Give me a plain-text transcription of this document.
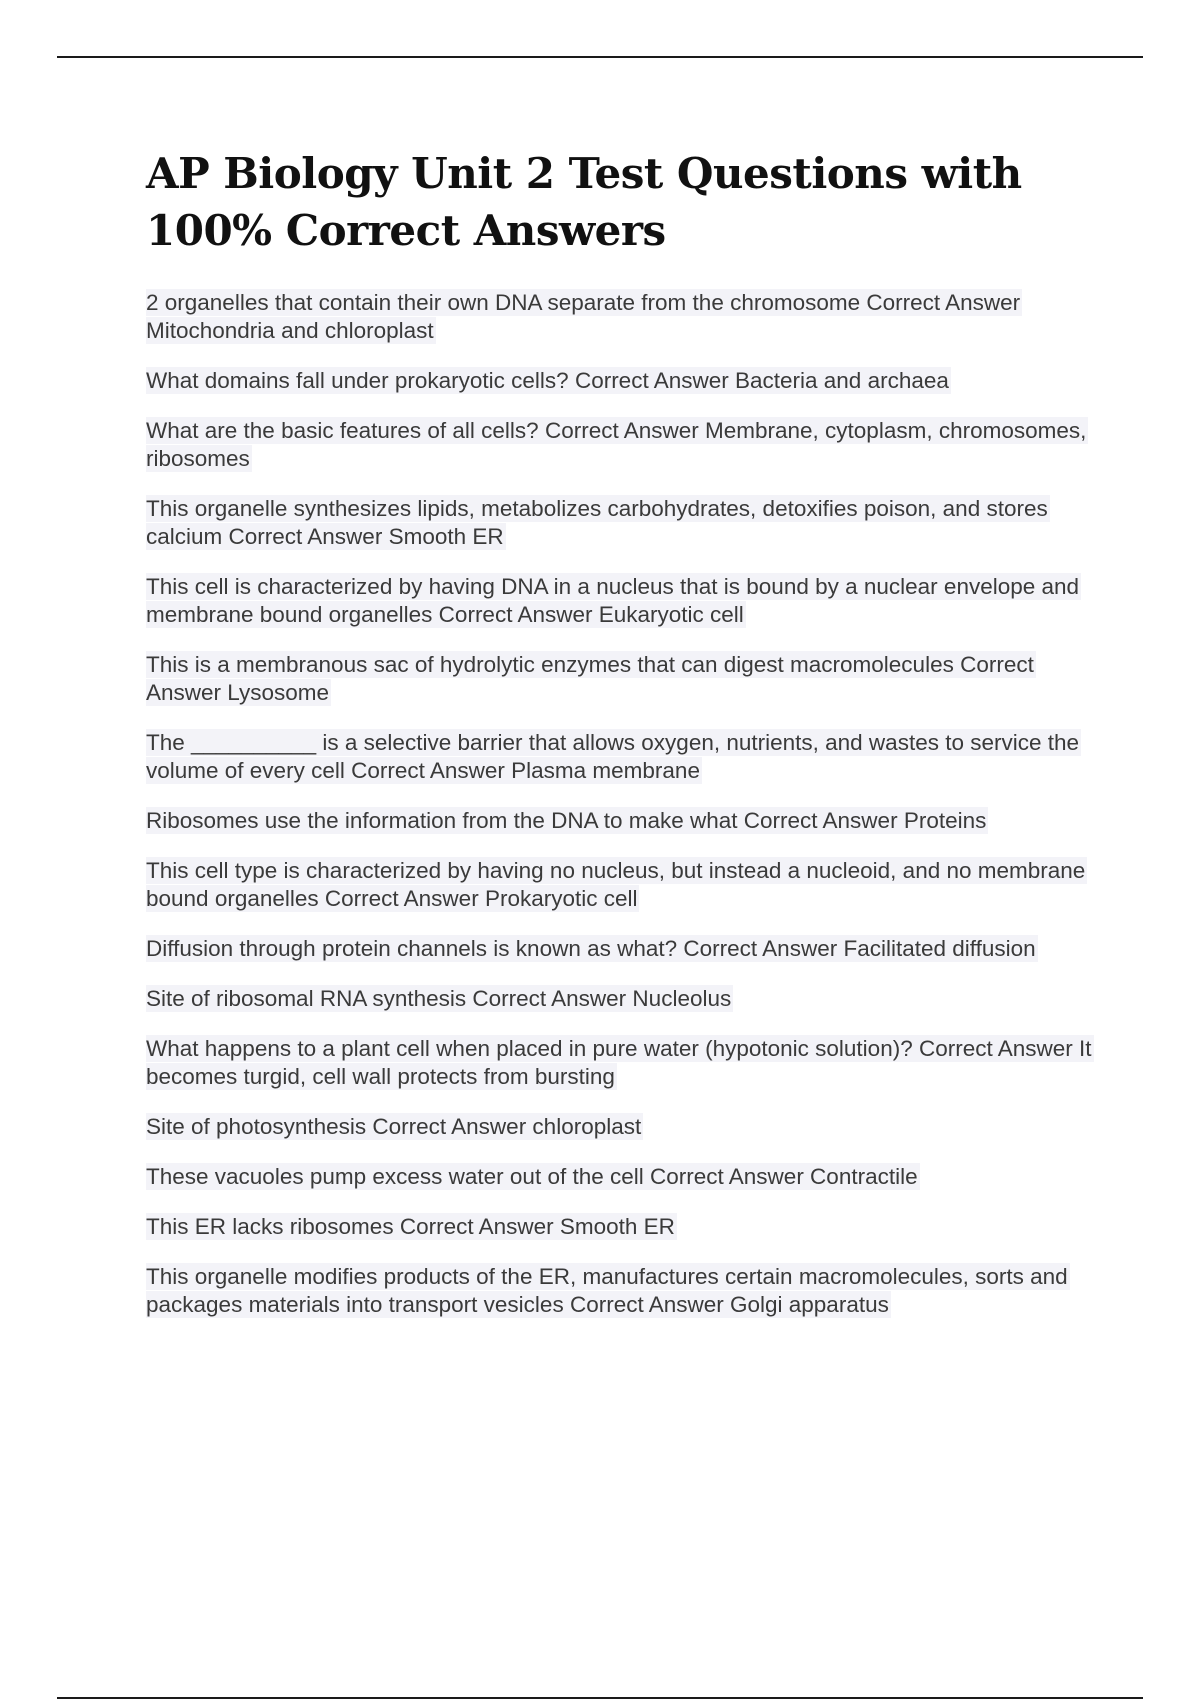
AP Biology Unit 2 Test Questions with 100% Correct Answers
2 organelles that contain their own DNA separate from the chromosome Correct Answer Mitochondria and chloroplast
What domains fall under prokaryotic cells? Correct Answer Bacteria and archaea
What are the basic features of all cells? Correct Answer Membrane, cytoplasm, chromosomes, ribosomes
This organelle synthesizes lipids, metabolizes carbohydrates, detoxifies poison, and stores calcium Correct Answer Smooth ER
This cell is characterized by having DNA in a nucleus that is bound by a nuclear envelope and membrane bound organelles Correct Answer Eukaryotic cell
This is a membranous sac of hydrolytic enzymes that can digest macromolecules Correct Answer Lysosome
The __________ is a selective barrier that allows oxygen, nutrients, and wastes to service the volume of every cell Correct Answer Plasma membrane
Ribosomes use the information from the DNA to make what Correct Answer Proteins
This cell type is characterized by having no nucleus, but instead a nucleoid, and no membrane bound organelles Correct Answer Prokaryotic cell
Diffusion through protein channels is known as what? Correct Answer Facilitated diffusion
Site of ribosomal RNA synthesis Correct Answer Nucleolus
What happens to a plant cell when placed in pure water (hypotonic solution)? Correct Answer It becomes turgid, cell wall protects from bursting
Site of photosynthesis Correct Answer chloroplast
These vacuoles pump excess water out of the cell Correct Answer Contractile
This ER lacks ribosomes Correct Answer Smooth ER
This organelle modifies products of the ER, manufactures certain macromolecules, sorts and packages materials into transport vesicles Correct Answer Golgi apparatus
